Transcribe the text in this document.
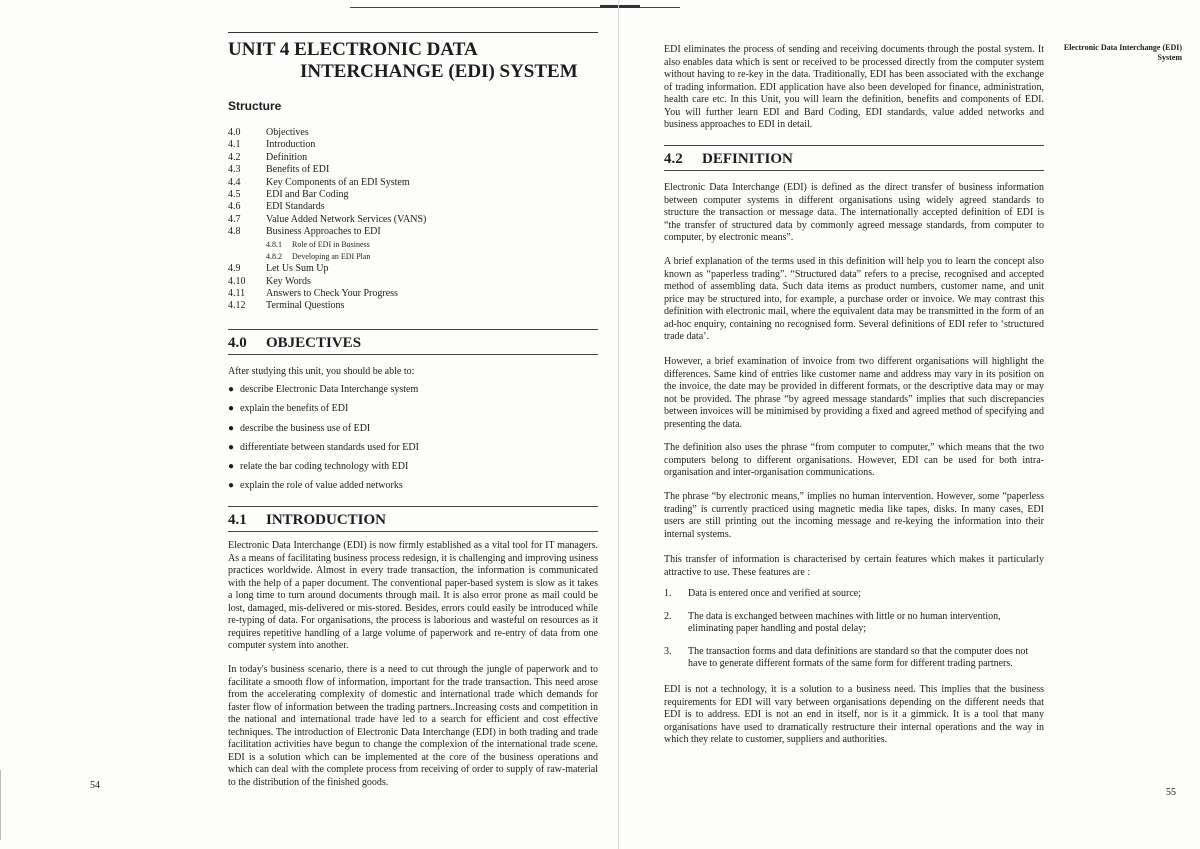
UNIT 4 ELECTRONIC DATA
INTERCHANGE (EDI) SYSTEM
Structure
4.0	Objectives
4.1	Introduction
4.2	Definition
4.3	Benefits of EDI
4.4	Key Components of an EDI System
4.5	EDI and Bar Coding
4.6	EDI Standards
4.7	Value Added Network Services (VANS)
4.8	Business Approaches to EDI
4.8.1	Role of EDI in Business
4.8.2	Developing an EDI Plan
4.9	Let Us Sum Up
4.10	Key Words
4.11	Answers to Check Your Progress
4.12	Terminal Questions
4.0 OBJECTIVES
After studying this unit, you should be able to:
● describe Electronic Data Interchange system
● explain the benefits of EDI
● describe the business use of EDI
● differentiate between standards used for EDI
● relate the bar coding technology with EDI
● explain the role of value added networks
4.1 INTRODUCTION

Electronic Data Interchange (EDI) is now firmly established as a vital tool for IT managers. As a means of facilitating business process redesign, it is challenging and improving usiness practices worldwide. Almost in every trade transaction, the information is communicated with the help of a paper document. The conventional paper-based system is slow as it takes a long time to turn around documents through mail. It is also error prone as mail could be lost, damaged, mis-delivered or mis-stored. Besides, errors could easily be introduced while re-typing of data. For organisations, the process is laborious and wasteful on resources as it requires repetitive handling of a large volume of paperwork and re-entry of data from one computer system into another.

In today's business scenario, there is a need to cut through the jungle of paperwork and to facilitate a smooth flow of information, important for the trade transaction. This need arose from the accelerating complexity of domestic and international trade which demands for faster flow of information between the trading partners..Increasing costs and competition in the national and international trade have led to a search for efficient and cost effective techniques. The introduction of Electronic Data Interchange (EDI) in both trading and trade facilitation activities have begun to change the complexion of the international trade scene. EDI is a solution which can be implemented at the core of the business operations and which can deal with the complete process from receiving of order to supply of raw-material to the distribution of the finished goods.

54
Electronic Data Interchange (EDI) System

EDI eliminates the process of sending and receiving documents through the postal system. It also enables data which is sent or received to be processed directly from the computer system without having to re-key in the data. Traditionally, EDI has been associated with the exchange of trading information. EDI application have also been developed for finance, administration, health care etc. In this Unit, you will learn the definition, benefits and components of EDI. You will further learn EDI and Bard Coding, EDI standards, value added networks and business approaches to EDI in detail.

4.2 DEFINITION

Electronic Data Interchange (EDI) is defined as the direct transfer of business information between computer systems in different organisations using widely agreed standards to structure the transaction or message data. The internationally accepted definition of EDI is “the transfer of structured data by commonly agreed message standards, from computer to computer, by electronic means”.

A brief explanation of the terms used in this definition will help you to learn the concept also known as “paperless trading”. “Structured data” refers to a precise, recognised and accepted method of assembling data. Such data items as product numbers, customer name, and unit price may be structured into, for example, a purchase order or invoice. We may contrast this definition with electronic mail, where the equivalent data may be transmitted in the form of an ad-hoc enquiry, containing no recognised form. Several definitions of EDI refer to ‘structured trade data’.

However, a brief examination of invoice from two different organisations will highlight the differences. Same kind of entries like customer name and address may vary in its position on the invoice, the date may be provided in different formats, or the descriptive data may or may not be provided. The phrase “by agreed message standards” implies that such discrepancies between invoices will be minimised by providing a fixed and agreed method of specifying and presenting the data.

The definition also uses the phrase “from computer to computer,” which means that the two computers belong to different organisations. However, EDI can be used for both intra-organisation and inter-organisation communications.

The phrase “by electronic means,” implies no human intervention. However, some “paperless trading” is currently practiced using magnetic media like tapes, disks. In many cases, EDI users are still printing out the incoming message and re-keying the information into their internal systems.

This transfer of information is characterised by certain features which makes it particularly attractive to use. These features are :

1.	Data is entered once and verified at source;
2.	The data is exchanged between machines with little or no human intervention, eliminating paper handling and postal delay;
3.	The transaction forms and data definitions are standard so that the computer does not have to generate different formats of the same form for different trading partners.

EDI is not a technology, it is a solution to a business need. This implies that the business requirements for EDI will vary between organisations depending on the different needs that EDI is to address. EDI is not an end in itself, nor is it a gimmick. It is a tool that many organisations have used to dramatically restructure their internal operations and the way in which they relate to customer, suppliers and authorities.

55
